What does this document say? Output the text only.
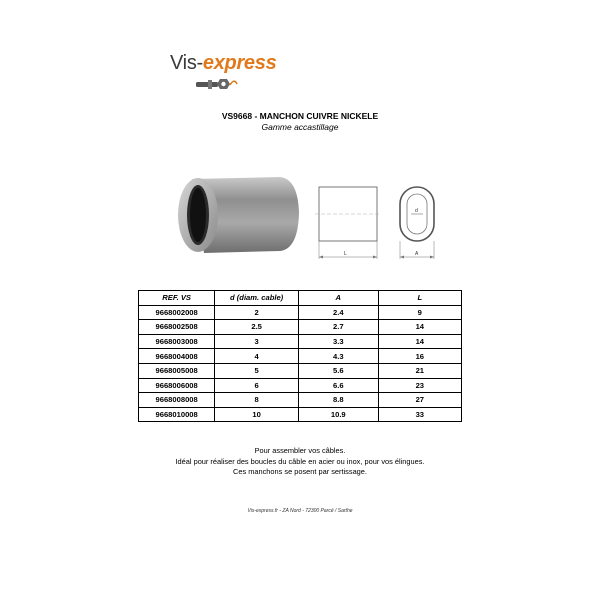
Vis-express
VS9668 - MANCHON CUIVRE NICKELE
Gamme accastillage
L
d
A
REF. VS	d (diam. cable)	A	L
9668002008	2	2.4	9
9668002508	2.5	2.7	14
9668003008	3	3.3	14
9668004008	4	4.3	16
9668005008	5	5.6	21
9668006008	6	6.6	23
9668008008	8	8.8	27
9668010008	10	10.9	33
Pour assembler vos câbles.
Idéal pour réaliser des boucles du câble en acier ou inox, pour vos élingues.
Ces manchons se posent par sertissage.
Vis-express.fr - ZA Nord - 72300 Parcé / Sarthe
